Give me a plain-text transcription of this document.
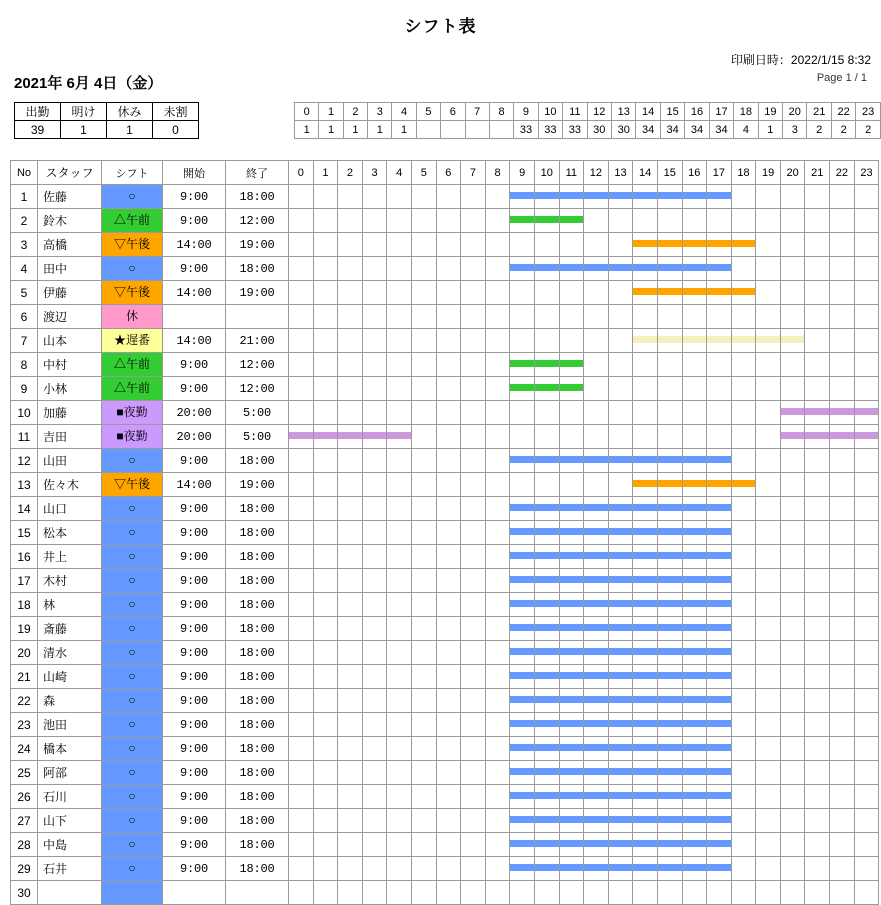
シフト表
印刷日時：2022/1/15 8:32
Page 1 / 1
2021年 6月 4日（金）
出勤	明け	休み	未割
39	1	1	0
0	1	2	3	4	5	6	7	8	9	10	11	12	13	14	15	16	17	18	19	20	21	22	23
1	1	1	1	1					33	33	33	30	30	34	34	34	34	4	1	3	2	2	2
No	スタッフ	シフト	開始	終了	0	1	2	3	4	5	6	7	8	9	10	11	12	13	14	15	16	17	18	19	20	21	22	23
1	佐藤	○	9:00	18:00										

2	鈴木	△午前	9:00	12:00										

3	高橋	▽午後	14:00	19:00															

4	田中	○	9:00	18:00										

5	伊藤	▽午後	14:00	19:00															

6	渡辺	休																										

7	山本	★遅番	14:00	21:00															

8	中村	△午前	9:00	12:00										

9	小林	△午前	9:00	12:00										

10	加藤	■夜勤	20:00	5:00																					

11	吉田	■夜勤	20:00	5:00	

12	山田	○	9:00	18:00										

13	佐々木	▽午後	14:00	19:00															

14	山口	○	9:00	18:00										

15	松本	○	9:00	18:00										

16	井上	○	9:00	18:00										

17	木村	○	9:00	18:00										

18	林	○	9:00	18:00										

19	斎藤	○	9:00	18:00										

20	清水	○	9:00	18:00										

21	山崎	○	9:00	18:00										

22	森	○	9:00	18:00										

23	池田	○	9:00	18:00										

24	橋本	○	9:00	18:00										

25	阿部	○	9:00	18:00										

26	石川	○	9:00	18:00										

27	山下	○	9:00	18:00										

28	中島	○	9:00	18:00										

29	石井	○	9:00	18:00										

30		
